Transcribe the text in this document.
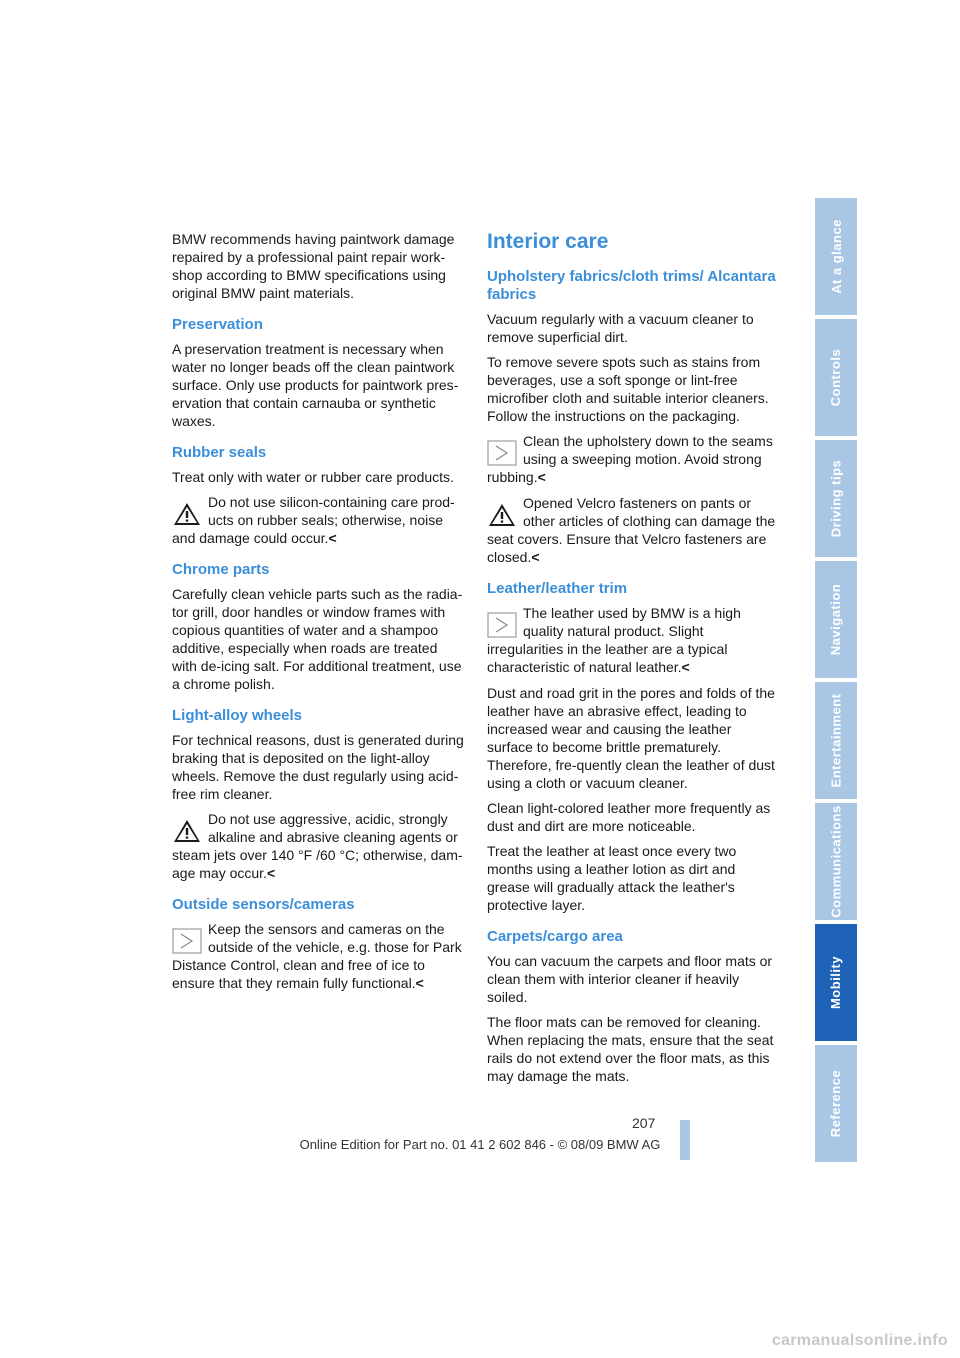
BMW recommends having paintwork damage repaired by a professional paint repair work-shop according to BMW specifications using original BMW paint materials.

Preservation

A preservation treatment is necessary when water no longer beads off the clean paintwork surface. Only use products for paintwork pres-ervation that contain carnauba or synthetic waxes.

Rubber seals

Treat only with water or rubber care products.

Do not use silicon-containing care prod-ucts on rubber seals; otherwise, noise and damage could occur.<
Chrome parts

Carefully clean vehicle parts such as the radia-tor grill, door handles or window frames with copious quantities of water and a shampoo additive, especially when roads are treated with de-icing salt. For additional treatment, use a chrome polish.

Light-alloy wheels

For technical reasons, dust is generated during braking that is deposited on the light-alloy wheels. Remove the dust regularly using acid-free rim cleaner.

Do not use aggressive, acidic, strongly alkaline and abrasive cleaning agents or steam jets over 140 °F /60 °C; otherwise, dam-age may occur.<
Outside sensors/cameras
Keep the sensors and cameras on the outside of the vehicle, e.g. those for Park Distance Control, clean and free of ice to ensure that they remain fully functional.<
Interior care
Upholstery fabrics/cloth trims/ Alcantara fabrics

Vacuum regularly with a vacuum cleaner to remove superficial dirt.

To remove severe spots such as stains from beverages, use a soft sponge or lint-free microfiber cloth and suitable interior cleaners. Follow the instructions on the packaging.

Clean the upholstery down to the seams using a sweeping motion. Avoid strong rubbing.<
Opened Velcro fasteners on pants or other articles of clothing can damage the seat covers. Ensure that Velcro fasteners are closed.<
Leather/leather trim
The leather used by BMW is a high quality natural product. Slight irregularities in the leather are a typical characteristic of natural leather.<

Dust and road grit in the pores and folds of the leather have an abrasive effect, leading to increased wear and causing the leather surface to become brittle prematurely. Therefore, fre-quently clean the leather of dust using a cloth or vacuum cleaner.

Clean light-colored leather more frequently as dust and dirt are more noticeable.

Treat the leather at least once every two months using a leather lotion as dirt and grease will gradually attack the leather's protective layer.

Carpets/cargo area

You can vacuum the carpets and floor mats or clean them with interior cleaner if heavily soiled.

The floor mats can be removed for cleaning. When replacing the mats, ensure that the seat rails do not extend over the floor mats, as this may damage the mats.

At a glance
Controls
Driving tips
Navigation
Entertainment
Communications
Mobility
Reference
207
Online Edition for Part no. 01 41 2 602 846 - © 08/09 BMW AG
carmanualsonline.info
